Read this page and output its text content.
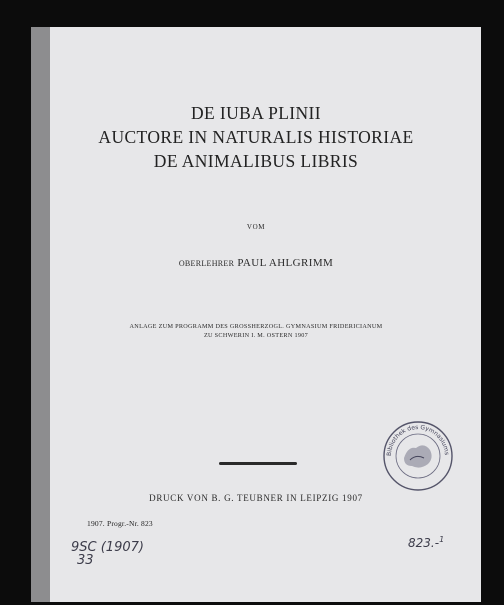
DE IUBA PLINII
AUCTORE IN NATURALIS HISTORIAE
DE ANIMALIBUS LIBRIS
VOM
OBERLEHRER PAUL AHLGRIMM
ANLAGE ZUM PROGRAMM DES GROSSHERZOGL. GYMNASIUM FRIDERICIANUM
ZU SCHWERIN I. M. OSTERN 1907
DRUCK VON B. G. TEUBNER IN LEIPZIG 1907
1907. Progr.-Nr. 823
9SC (1907)
33
823.-$^1$
Bibliothek des Gymnasiums
